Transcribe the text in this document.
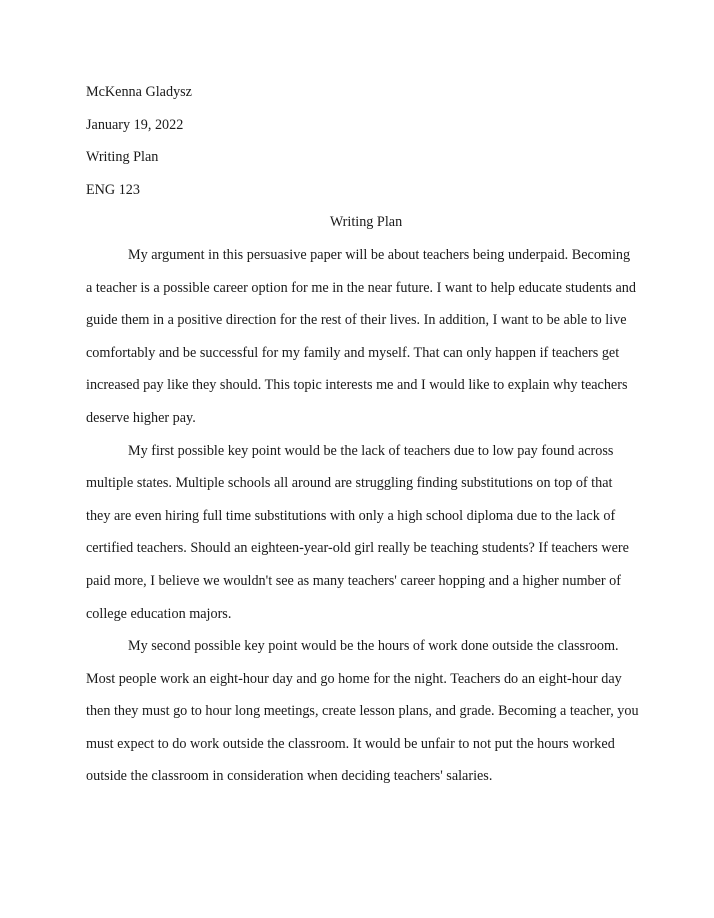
McKenna Gladysz

January 19, 2022

Writing Plan

ENG 123

Writing Plan

My argument in this persuasive paper will be about teachers being underpaid. Becoming

a teacher is a possible career option for me in the near future. I want to help educate students and

guide them in a positive direction for the rest of their lives. In addition, I want to be able to live

comfortably and be successful for my family and myself. That can only happen if teachers get

increased pay like they should. This topic interests me and I would like to explain why teachers

deserve higher pay.

My first possible key point would be the lack of teachers due to low pay found across

multiple states. Multiple schools all around are struggling finding substitutions on top of that

they are even hiring full time substitutions with only a high school diploma due to the lack of

certified teachers. Should an eighteen-year-old girl really be teaching students? If teachers were

paid more, I believe we wouldn't see as many teachers' career hopping and a higher number of

college education majors.

My second possible key point would be the hours of work done outside the classroom.

Most people work an eight-hour day and go home for the night. Teachers do an eight-hour day

then they must go to hour long meetings, create lesson plans, and grade. Becoming a teacher, you

must expect to do work outside the classroom. It would be unfair to not put the hours worked

outside the classroom in consideration when deciding teachers' salaries.
